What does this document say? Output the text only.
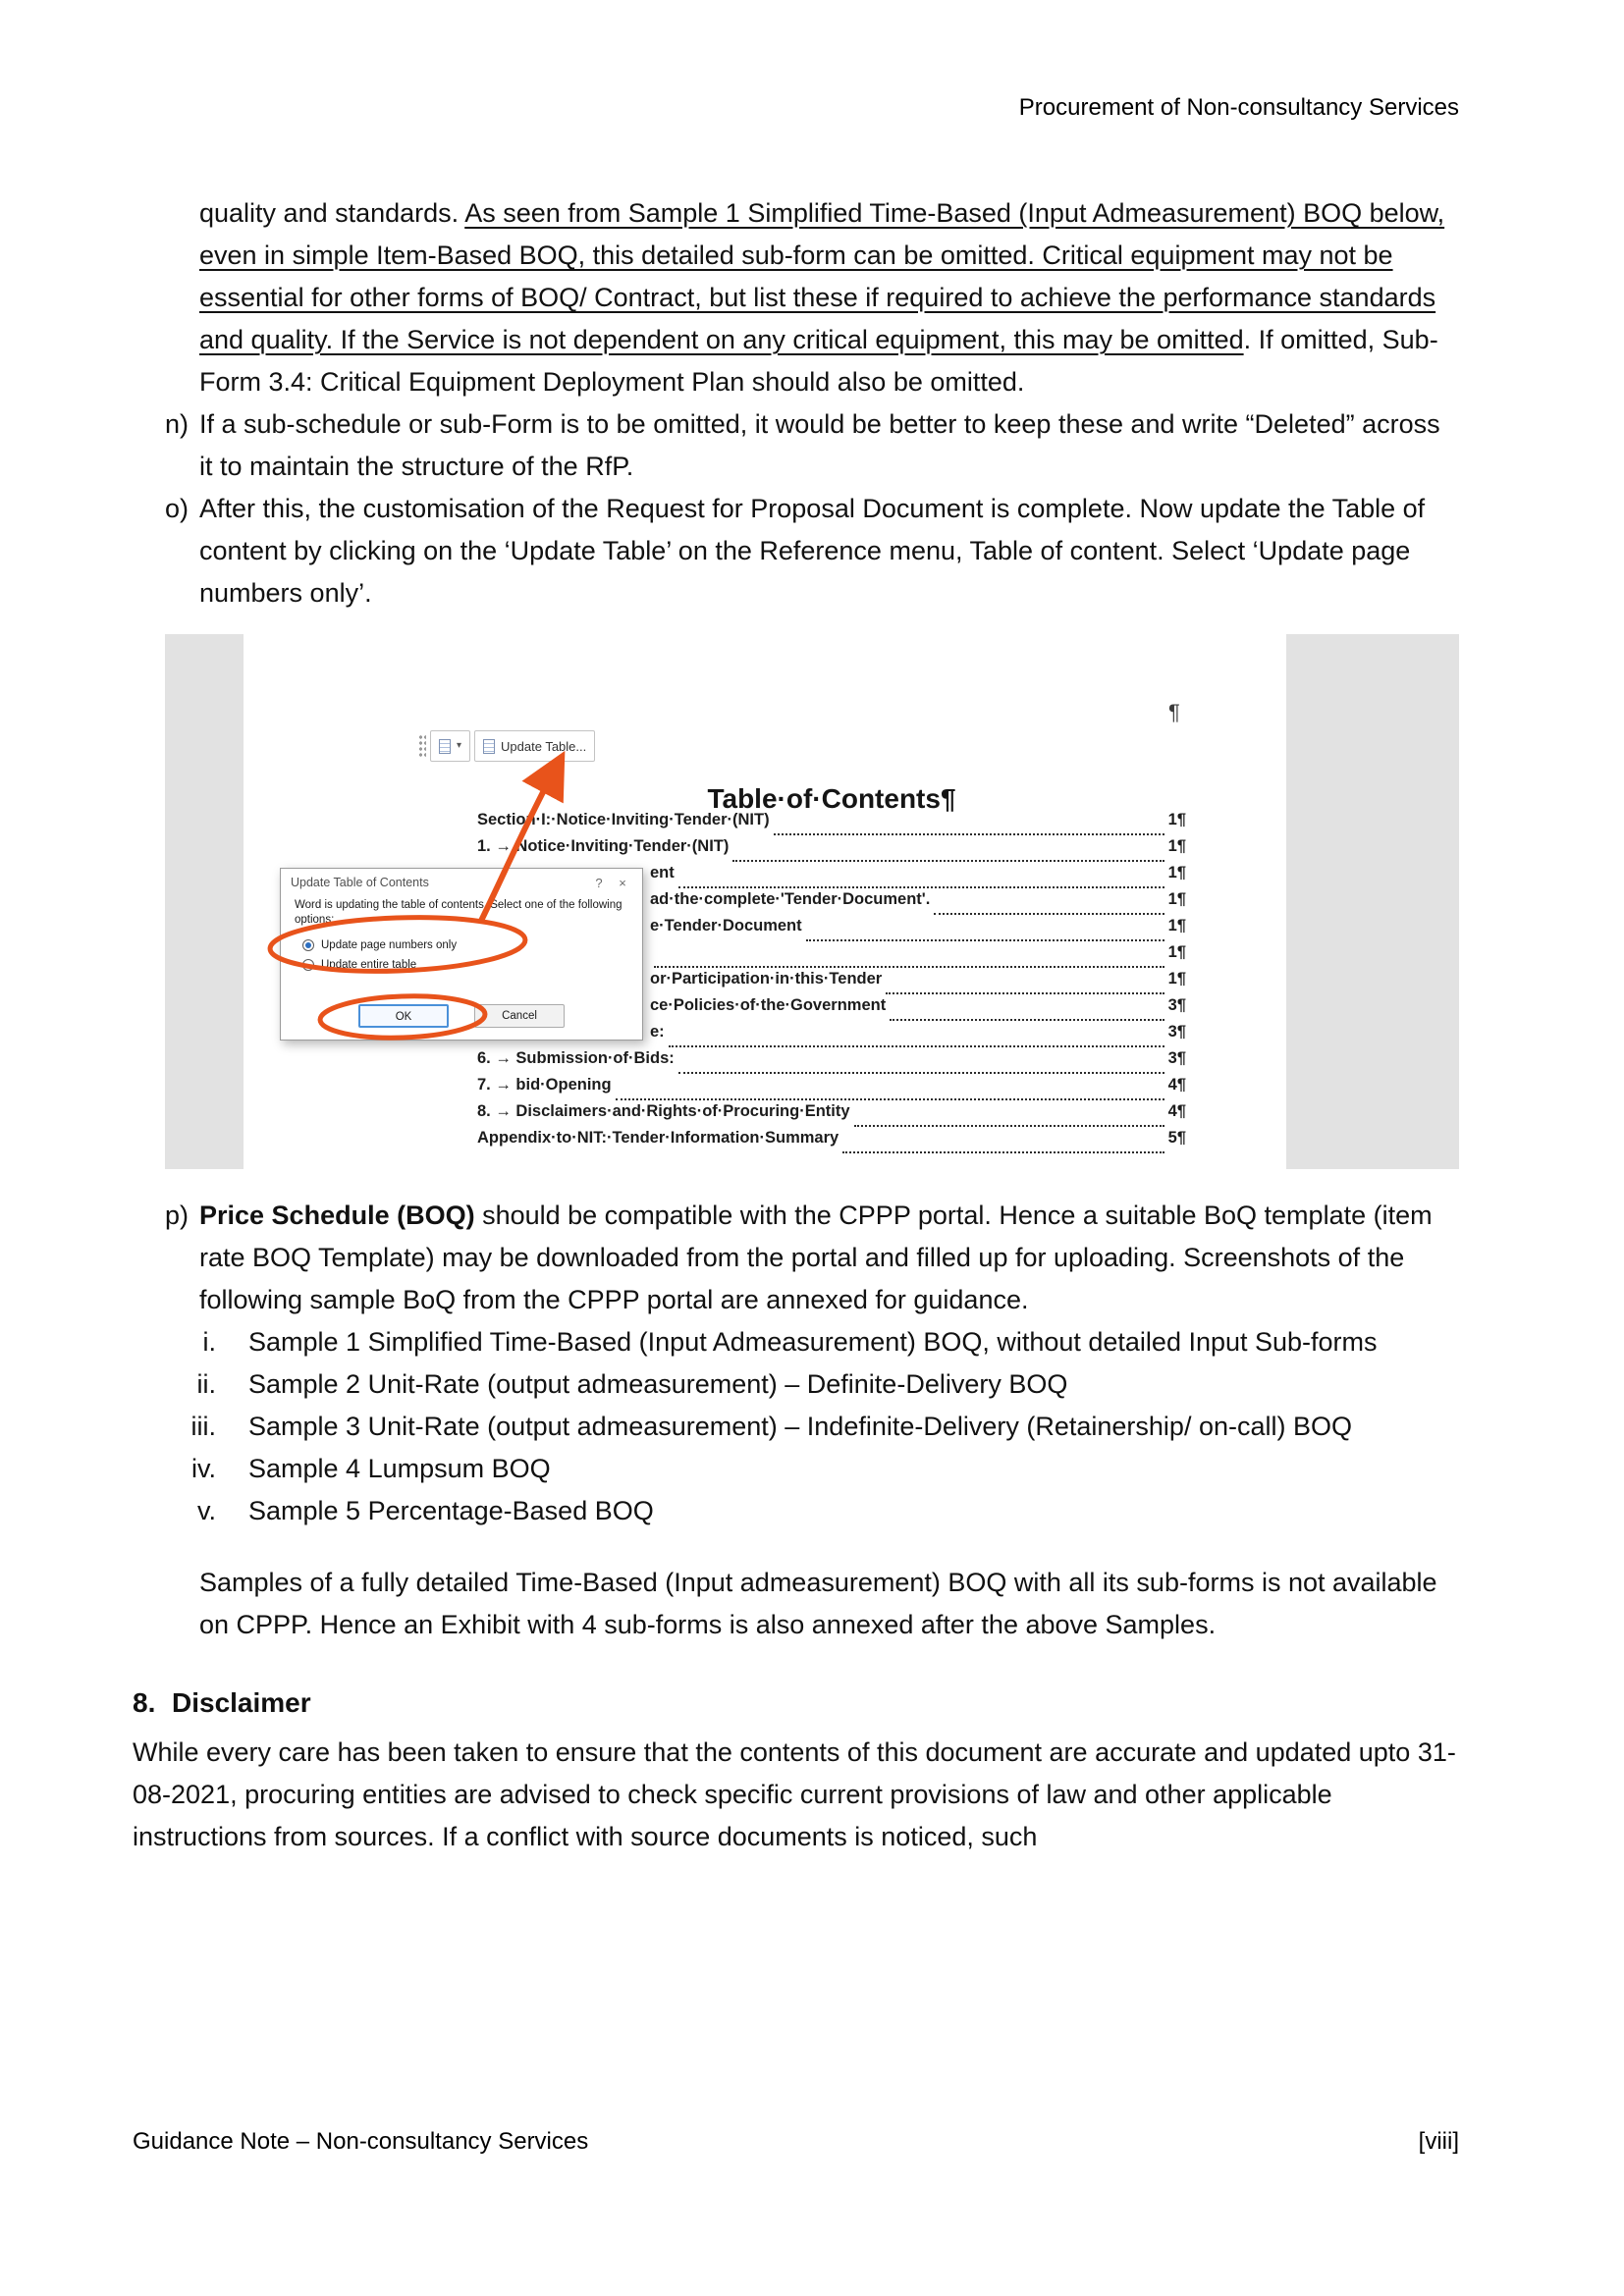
Procurement of Non-consultancy Services

quality and standards. As seen from Sample 1 Simplified Time-Based (Input Admeasurement) BOQ below, even in simple Item-Based BOQ, this detailed sub-form can be omitted. Critical equipment may not be essential for other forms of BOQ/ Contract, but list these if required to achieve the performance standards and quality. If the Service is not dependent on any critical equipment, this may be omitted. If omitted, Sub-Form 3.4: Critical Equipment Deployment Plan should also be omitted.

n) If a sub-schedule or sub-Form is to be omitted, it would be better to keep these and write “Deleted” across it to maintain the structure of the RfP.
o) After this, the customisation of the Request for Proposal Document is complete. Now update the Table of content by clicking on the ‘Update Table’ on the Reference menu, Table of content. Select ‘Update page numbers only’.
¶
▾	Update Table...
Table·of·Contents¶
Section·I:·Notice·Inviting·Tender·(NIT)	1¶
1. → Notice·Inviting·Tender·(NIT)	1¶
ent	1¶
ad·the·complete·'Tender·Document'.	1¶
e·Tender·Document	1¶
1¶
or·Participation·in·this·Tender	1¶
ce·Policies·of·the·Government	3¶
e:	3¶
6. → Submission·of·Bids:	3¶
7. → bid·Opening	4¶
8. → Disclaimers·and·Rights·of·Procuring·Entity	4¶
Appendix·to·NIT:·Tender·Information·Summary	5¶
Update Table of Contents	?	×
Word is updating the table of contents. Select one of the following options:
Update page numbers only
Update entire table
OK	Cancel
p) Price Schedule (BOQ) should be compatible with the CPPP portal. Hence a suitable BoQ template (item rate BOQ Template) may be downloaded from the portal and filled up for uploading. Screenshots of the following sample BoQ from the CPPP portal are annexed for guidance.
i. Sample 1 Simplified Time-Based (Input Admeasurement) BOQ, without detailed Input Sub-forms
ii. Sample 2 Unit-Rate (output admeasurement) – Definite-Delivery BOQ
iii. Sample 3 Unit-Rate (output admeasurement) – Indefinite-Delivery (Retainership/ on-call) BOQ
iv. Sample 4 Lumpsum BOQ
v. Sample 5 Percentage-Based BOQ

Samples of a fully detailed Time-Based (Input admeasurement) BOQ with all its sub-forms is not available on CPPP. Hence an Exhibit with 4 sub-forms is also annexed after the above Samples.

8. Disclaimer

While every care has been taken to ensure that the contents of this document are accurate and updated upto 31-08-2021, procuring entities are advised to check specific current provisions of law and other applicable instructions from sources. If a conflict with source documents is noticed, such

Guidance Note – Non-consultancy Services	[viii]
